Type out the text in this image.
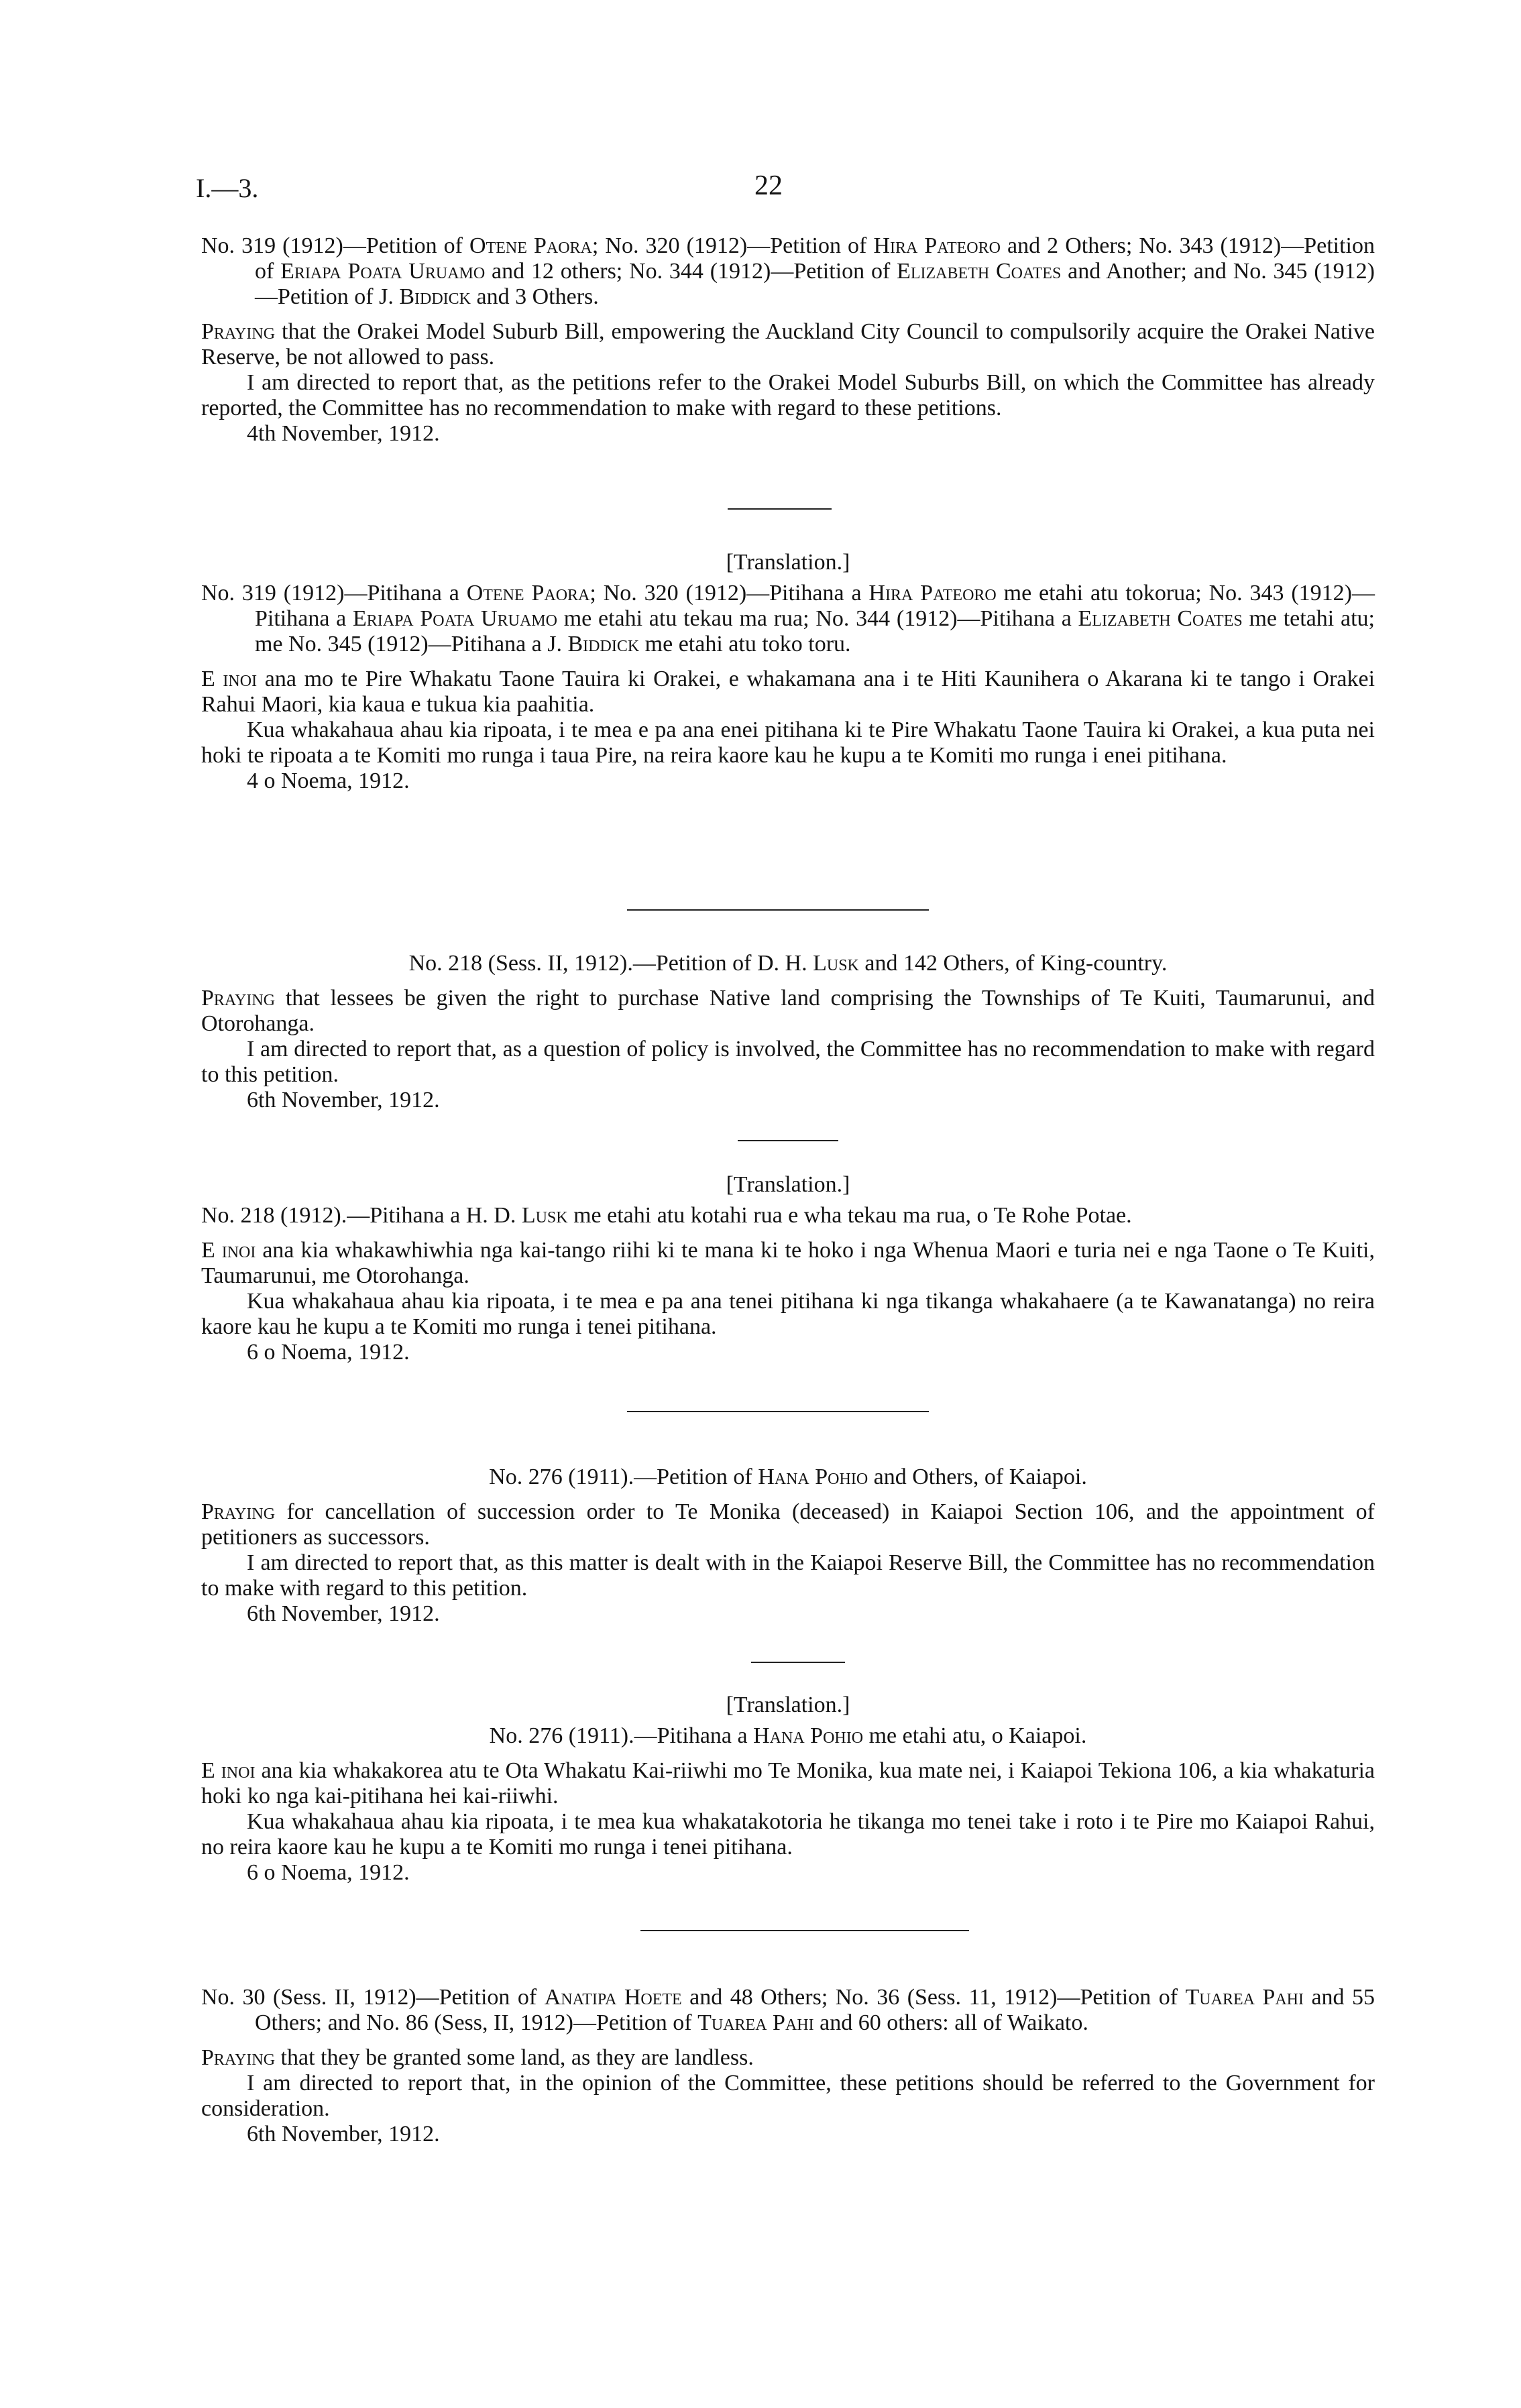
I.—3.	22

No. 319 (1912)—Petition of Otene Paora; No. 320 (1912)—Petition of Hira Pateoro and 2 Others; No. 343 (1912)—Petition of Eriapa Poata Uruamo and 12 others; No. 344 (1912)—Petition of Elizabeth Coates and Another; and No. 345 (1912)—Petition of J. Biddick and 3 Others.

Praying that the Orakei Model Suburb Bill, empowering the Auckland City Council to compulsorily acquire the Orakei Native Reserve, be not allowed to pass.

I am directed to report that, as the petitions refer to the Orakei Model Suburbs Bill, on which the Committee has already reported, the Committee has no recommendation to make with regard to these petitions.

4th November, 1912.

[Translation.]

No. 319 (1912)—Pitihana a Otene Paora; No. 320 (1912)—Pitihana a Hira Pateoro me etahi atu tokorua; No. 343 (1912)—Pitihana a Eriapa Poata Uruamo me etahi atu tekau ma rua; No. 344 (1912)—Pitihana a Elizabeth Coates me tetahi atu; me No. 345 (1912)—Pitihana a J. Biddick me etahi atu toko toru.

E inoi ana mo te Pire Whakatu Taone Tauira ki Orakei, e whakamana ana i te Hiti Kaunihera o Akarana ki te tango i Orakei Rahui Maori, kia kaua e tukua kia paahitia.

Kua whakahaua ahau kia ripoata, i te mea e pa ana enei pitihana ki te Pire Whakatu Taone Tauira ki Orakei, a kua puta nei hoki te ripoata a te Komiti mo runga i taua Pire, na reira kaore kau he kupu a te Komiti mo runga i enei pitihana.

4 o Noema, 1912.

No. 218 (Sess. II, 1912).—Petition of D. H. Lusk and 142 Others, of King-country.

Praying that lessees be given the right to purchase Native land comprising the Townships of Te Kuiti, Taumarunui, and Otorohanga.

I am directed to report that, as a question of policy is involved, the Committee has no recommendation to make with regard to this petition.

6th November, 1912.

[Translation.]

No. 218 (1912).—Pitihana a H. D. Lusk me etahi atu kotahi rua e wha tekau ma rua, o Te Rohe Potae.

E inoi ana kia whakawhiwhia nga kai-tango riihi ki te mana ki te hoko i nga Whenua Maori e turia nei e nga Taone o Te Kuiti, Taumarunui, me Otorohanga.

Kua whakahaua ahau kia ripoata, i te mea e pa ana tenei pitihana ki nga tikanga whakahaere (a te Kawanatanga) no reira kaore kau he kupu a te Komiti mo runga i tenei pitihana.

6 o Noema, 1912.

No. 276 (1911).—Petition of Hana Pohio and Others, of Kaiapoi.

Praying for cancellation of succession order to Te Monika (deceased) in Kaiapoi Section 106, and the appointment of petitioners as successors.

I am directed to report that, as this matter is dealt with in the Kaiapoi Reserve Bill, the Committee has no recommendation to make with regard to this petition.

6th November, 1912.

[Translation.]

No. 276 (1911).—Pitihana a Hana Pohio me etahi atu, o Kaiapoi.

E inoi ana kia whakakorea atu te Ota Whakatu Kai-riiwhi mo Te Monika, kua mate nei, i Kaiapoi Tekiona 106, a kia whakaturia hoki ko nga kai-pitihana hei kai-riiwhi.

Kua whakahaua ahau kia ripoata, i te mea kua whakatakotoria he tikanga mo tenei take i roto i te Pire mo Kaiapoi Rahui, no reira kaore kau he kupu a te Komiti mo runga i tenei pitihana.

6 o Noema, 1912.

No. 30 (Sess. II, 1912)—Petition of Anatipa Hoete and 48 Others; No. 36 (Sess. 11, 1912)—Petition of Tuarea Pahi and 55 Others; and No. 86 (Sess, II, 1912)—Petition of Tuarea Pahi and 60 others: all of Waikato.

Praying that they be granted some land, as they are landless.

I am directed to report that, in the opinion of the Committee, these petitions should be referred to the Government for consideration.

6th November, 1912.
